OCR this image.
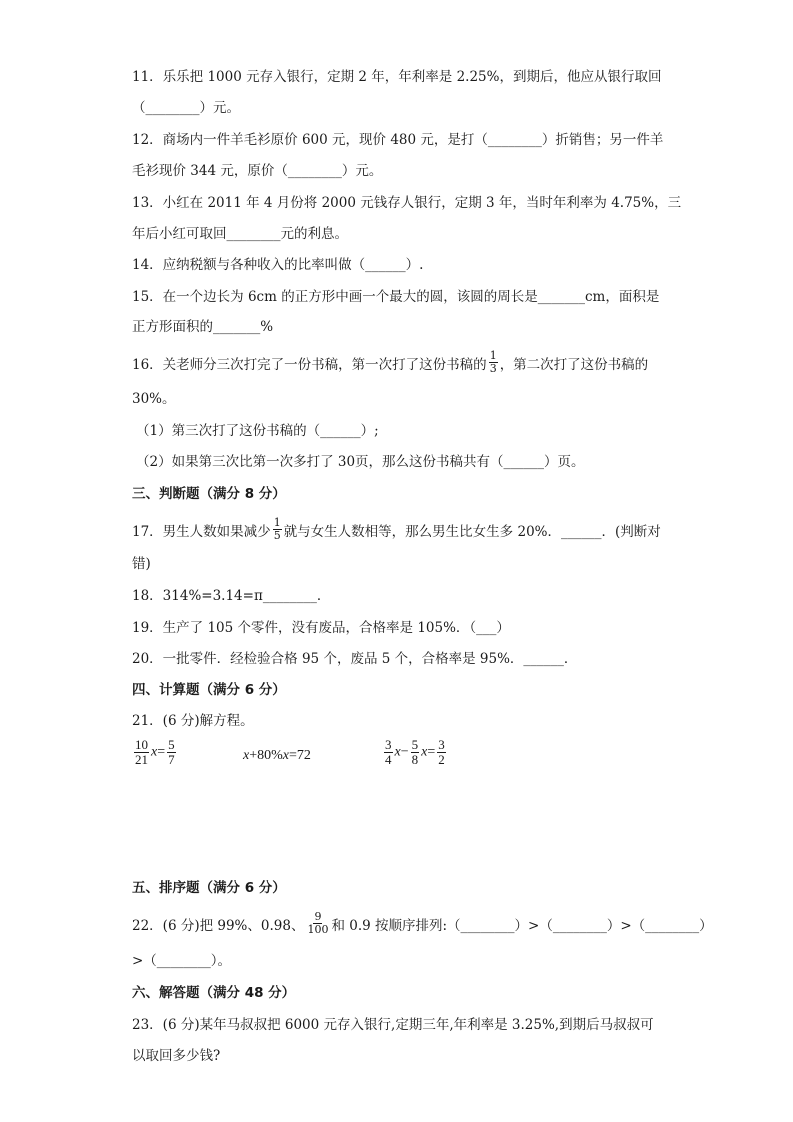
11．乐乐把 1000 元存入银行，定期 2 年，年利率是 2.25%，到期后，他应从银行取回
（________）元。
12．商场内一件羊毛衫原价 600 元，现价 480 元，是打（________）折销售；另一件羊
毛衫现价 344 元，原价（________）元。
13．小红在 2011 年 4 月份将 2000 元钱存人银行，定期 3 年，当时年利率为 4.75%，三
年后小红可取回________元的利息。
14．应纳税额与各种收入的比率叫做（______）.
15．在一个边长为 6cm 的正方形中画一个最大的圆，该圆的周长是_______cm，面积是
正方形面积的_______%
16．关老师分三次打完了一份书稿，第一次打了这份书稿的 $\frac{1}{3}$ ，第二次打了这份书稿的
30%。
（1）第三次打了这份书稿的（______）;
（2）如果第三次比第一次多打了 30页，那么这份书稿共有（______）页。
三、判断题（满分 8 分）
17．男生人数如果减少 $\frac{1}{5}$ 就与女生人数相等，那么男生比女生多 20%．______．(判断对
错)
18．314%=3.14=π________．
19．生产了 105 个零件，没有废品，合格率是 105%．（___）
20．一批零件．经检验合格 95 个，废品 5 个，合格率是 95%．______．
四、计算题（满分 6 分）
21．(6 分)解方程。
$\frac{10}{21} x= \frac{5}{7}$	x+80%x=72	$\frac{3}{4} x- \frac{5}{8} x= \frac{3}{2}$
五、排序题（满分 6 分）
22．(6 分)把 99%、0.98、 $\frac{9}{100}$ 和 0.9 按顺序排列:（________）>（________）>（________）
>（________）。
六、解答题（满分 48 分）
23．(6 分)某年马叔叔把 6000 元存入银行,定期三年,年利率是 3.25%,到期后马叔叔可
以取回多少钱?
